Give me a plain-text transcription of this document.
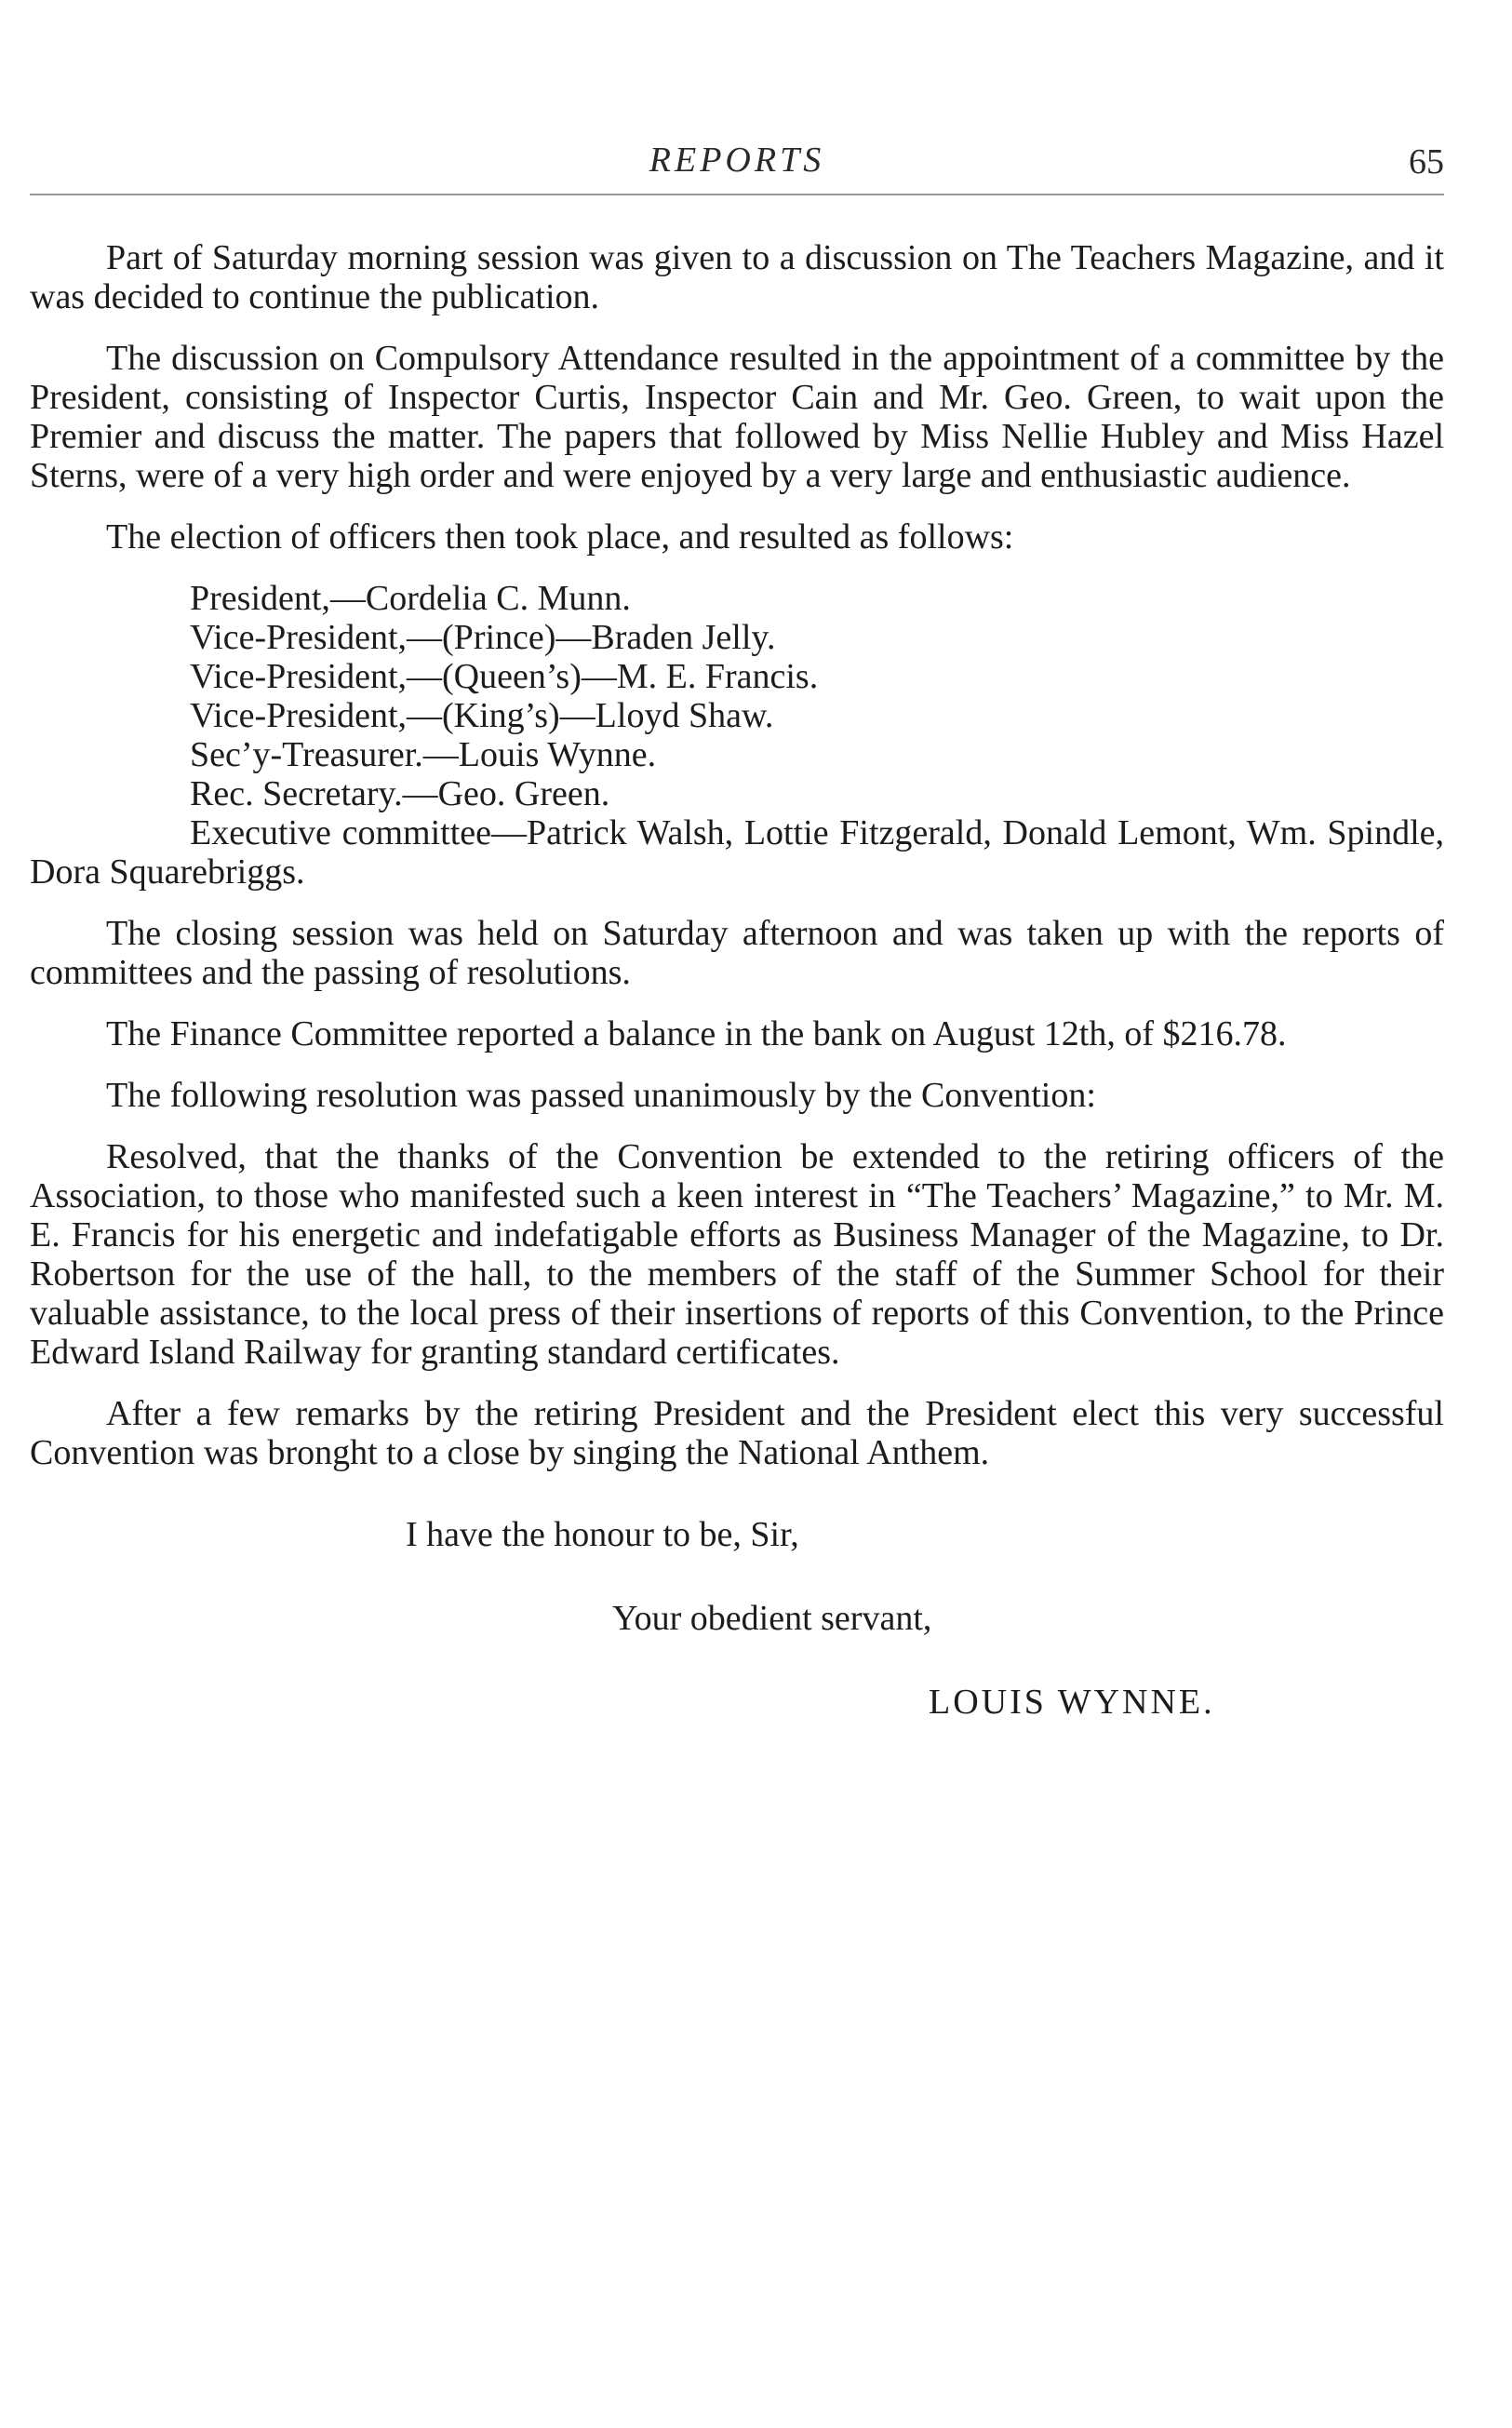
REPORTS	65

Part of Saturday morning session was given to a discussion on The Teachers Magazine, and it was decided to continue the publication.

The discussion on Compulsory Attendance resulted in the appointment of a committee by the President, consisting of Inspector Curtis, Inspector Cain and Mr. Geo. Green, to wait upon the Premier and discuss the matter. The papers that followed by Miss Nellie Hubley and Miss Hazel Sterns, were of a very high order and were enjoyed by a very large and enthusiastic audience.

The election of officers then took place, and resulted as follows:

President,—Cordelia C. Munn.
Vice-President,—(Prince)—Braden Jelly.
Vice-President,—(Queen’s)—M. E. Francis.
Vice-President,—(King’s)—Lloyd Shaw.
Sec’y-Treasurer.—Louis Wynne.
Rec. Secretary.—Geo. Green.
Executive committee—Patrick Walsh, Lottie Fitzgerald, Donald Lemont, Wm. Spindle, Dora Squarebriggs.

The closing session was held on Saturday afternoon and was taken up with the reports of committees and the passing of resolutions.

The Finance Committee reported a balance in the bank on August 12th, of $216.78.

The following resolution was passed unanimously by the Convention:

Resolved, that the thanks of the Convention be extended to the retiring officers of the Association, to those who manifested such a keen interest in “The Teachers’ Magazine,” to Mr. M. E. Francis for his energetic and indefatigable efforts as Business Manager of the Magazine, to Dr. Robertson for the use of the hall, to the members of the staff of the Summer School for their valuable assistance, to the local press of their insertions of reports of this Convention, to the Prince Edward Island Railway for granting standard certificates.

After a few remarks by the retiring President and the President elect this very successful Convention was bronght to a close by singing the National Anthem.

I have the honour to be, Sir,
Your obedient servant,
LOUIS WYNNE.
